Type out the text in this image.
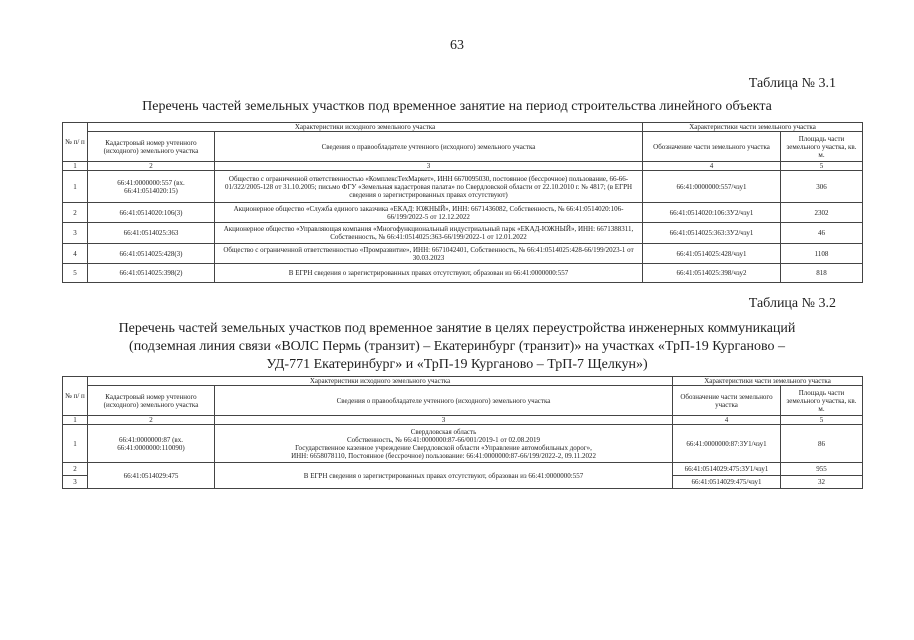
63
Таблица № 3.1
Перечень частей земельных участков под временное занятие на период строительства линейного объекта
№ п/ п	Характеристики исходного земельного участка		Характеристики части земельного участка	
	Кадастровый номер учтенного (исходного) земельного участка	Сведения о правообладателе учтенного (исходного) земельного участка	Обозначение части земельного участка	Площадь части земельного участка, кв. м.
1	2	3	4	5
1	66:41:0000000:557 (вх. 66:41:0514020:15)	Общество с ограниченной ответственностью «КомплексТехМаркет», ИНН 6670095030, постоянное (бессрочное) пользование, 66-66-01/322/2005-128 от 31.10.2005; письмо ФГУ «Земельная кадастровая палата» по Свердловской области от 22.10.2010 г. № 4817; (в ЕГРН сведения о зарегистрированных правах отсутствуют)	66:41:0000000:557/чзу1	306
2	66:41:0514020:106(3)	Акционерное общество «Служба единого заказчика «ЕКАД: ЮЖНЫЙ», ИНН: 6671436082, Собственность, № 66:41:0514020:106-66/199/2022-5 от 12.12.2022	66:41:0514020:106:3У2/чзу1	2302
3	66:41:0514025:363	Акционерное общество «Управляющая компания «Многофункциональный индустриальный парк «ЕКАД-ЮЖНЫЙ», ИНН: 6671388311, Собственность, № 66:41:0514025:363-66/199/2022-1 от 12.01.2022	66:41:0514025:363:3У2/чзу1	46
4	66:41:0514025:428(3)	Общество с ограниченной ответственностью «Промразвитие», ИНН: 6671042401, Собственность, № 66:41:0514025:428-66/199/2023-1 от 30.03.2023	66:41:0514025:428/чзу1	1108
5	66:41:0514025:398(2)	В ЕГРН сведения о зарегистрированных правах отсутствуют, образован из 66:41:0000000:557	66:41:0514025:398/чзу2	818
Таблица № 3.2
Перечень частей земельных участков под временное занятие в целях переустройства инженерных коммуникаций
(подземная линия связи «ВОЛС Пермь (транзит) – Екатеринбург (транзит)» на участках «ТрП-19 Курганово –
УД-771 Екатеринбург» и «ТрП-19 Курганово – ТрП-7 Щелкун»)
№ п/ п	Характеристики исходного земельного участка		Характеристики части земельного участка	
	Кадастровый номер учтенного (исходного) земельного участка	Сведения о правообладателе учтенного (исходного) земельного участка	Обозначение части земельного участка	Площадь части земельного участка, кв. м.
1	2	3	4	5
1	66:41:0000000:87 (вх. 66:41:0000000:110090)	Свердловская область
Собственность, № 66:41:0000000:87-66/001/2019-1 от 02.08.2019
Государственное казенное учреждение Свердловской области «Управление автомобильных дорог»,
ИНН: 6658078110, Постоянное (бессрочное) пользование: 66:41:0000000:87-66/199/2022-2, 09.11.2022	66:41:0000000:87:3У1/чзу1	86
2	66:41:0514029:475	В ЕГРН сведения о зарегистрированных правах отсутствуют, образован из 66:41:0000000:557	66:41:0514029:475:3У1/чзу1	955
3			66:41:0514029:475/чзу1	32
